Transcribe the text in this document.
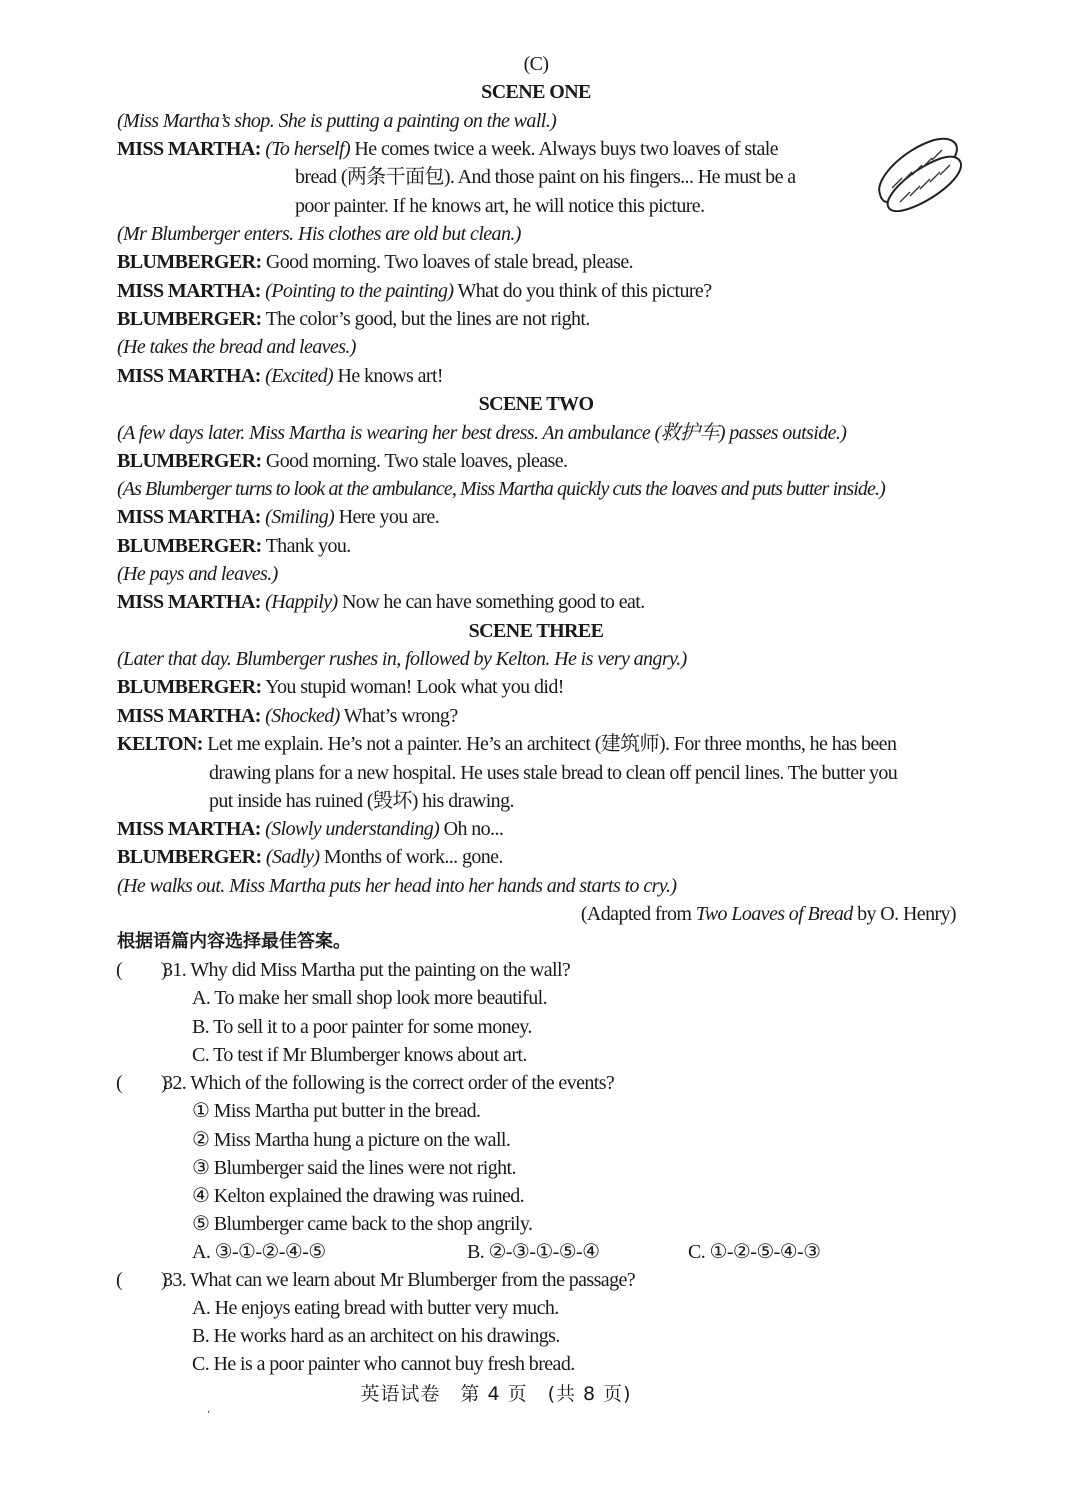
(C)
SCENE ONE
(Miss Martha’s shop. She is putting a painting on the wall.)
MISS MARTHA: (To herself) He comes twice a week. Always buys two loaves of stale
bread (两条干面包). And those paint on his fingers... He must be a
poor painter. If he knows art, he will notice this picture.
(Mr Blumberger enters. His clothes are old but clean.)
BLUMBERGER: Good morning. Two loaves of stale bread, please.
MISS MARTHA: (Pointing to the painting) What do you think of this picture?
BLUMBERGER: The color’s good, but the lines are not right.
(He takes the bread and leaves.)
MISS MARTHA: (Excited) He knows art!
SCENE TWO
(A few days later. Miss Martha is wearing her best dress. An ambulance (救护车) passes outside.)
BLUMBERGER: Good morning. Two stale loaves, please.
(As Blumberger turns to look at the ambulance, Miss Martha quickly cuts the loaves and puts butter inside.)
MISS MARTHA: (Smiling) Here you are.
BLUMBERGER: Thank you.
(He pays and leaves.)
MISS MARTHA: (Happily) Now he can have something good to eat.
SCENE THREE
(Later that day. Blumberger rushes in, followed by Kelton. He is very angry.)
BLUMBERGER: You stupid woman! Look what you did!
MISS MARTHA: (Shocked) What’s wrong?
KELTON: Let me explain. He’s not a painter. He’s an architect (建筑师). For three months, he has been
drawing plans for a new hospital. He uses stale bread to clean off pencil lines. The butter you
put inside has ruined (毁坏) his drawing.
MISS MARTHA: (Slowly understanding) Oh no...
BLUMBERGER: (Sadly) Months of work... gone.
(He walks out. Miss Martha puts her head into her hands and starts to cry.)
(Adapted from Two Loaves of Bread by O. Henry)
根据语篇内容选择最佳答案。
(　　)
31. Why did Miss Martha put the painting on the wall?
A. To make her small shop look more beautiful.
B. To sell it to a poor painter for some money.
C. To test if Mr Blumberger knows about art.
(　　)
32. Which of the following is the correct order of the events?
① Miss Martha put butter in the bread.
② Miss Martha hung a picture on the wall.
③ Blumberger said the lines were not right.
④ Kelton explained the drawing was ruined.
⑤ Blumberger came back to the shop angrily.
A. ③-①-②-④-⑤	B. ②-③-①-⑤-④	C. ①-②-⑤-④-③
(　　)
33. What can we learn about Mr Blumberger from the passage?
A. He enjoys eating bread with butter very much.
B. He works hard as an architect on his drawings.
C. He is a poor painter who cannot buy fresh bread.
英语试卷　第 4 页　(共 8 页)
ʼ
